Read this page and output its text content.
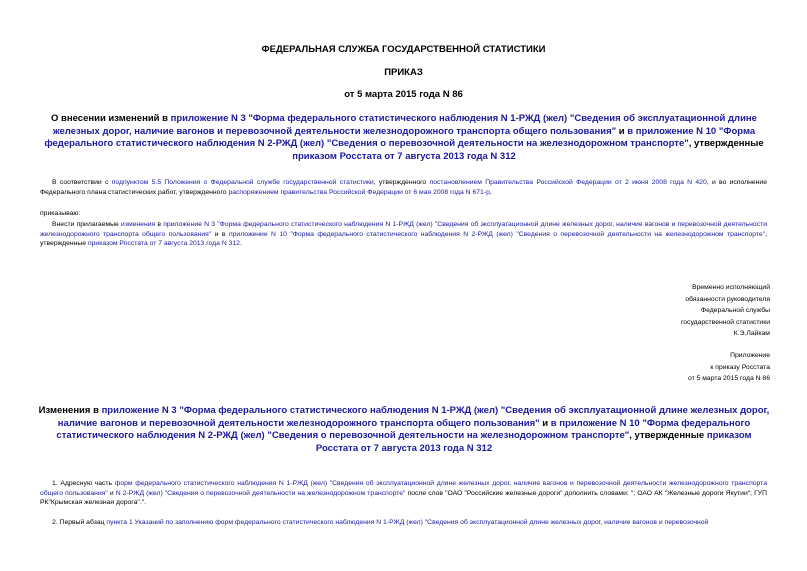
ФЕДЕРАЛЬНАЯ СЛУЖБА ГОСУДАРСТВЕННОЙ СТАТИСТИКИ
ПРИКАЗ
от 5 марта 2015 года N 86
О внесении изменений в приложение N 3 "Форма федерального статистического наблюдения N 1-РЖД (жел) "Сведения об эксплуатационной длине железных дорог, наличие вагонов и перевозочной деятельности железнодорожного транспорта общего пользования" и в приложение N 10 "Форма федерального статистического наблюдения N 2-РЖД (жел) "Сведения о перевозочной деятельности на железнодорожном транспорте", утвержденные приказом Росстата от 7 августа 2013 года N 312
В соответствии с подпунктом 5.5 Положения о Федеральной службе государственной статистики, утвержденного постановлением Правительства Российской Федерации от 2 июня 2008 года N 420, и во исполнение Федерального плана статистических работ, утвержденного распоряжением правительства Российской Федерации от 6 мая 2008 года N 671-р,
приказываю:
Внести прилагаемые изменения в приложение N 3 "Форма федерального статистического наблюдения N 1-РЖД (жел) "Сведения об эксплуатационной длине железных дорог, наличие вагонов и перевозочной деятельности железнодорожного транспорта общего пользования" и в приложение N 10 "Форма федерального статистического наблюдения N 2-РЖД (жел) "Сведения о перевозочной деятельности на железнодорожном транспорте", утвержденные приказом Росстата от 7 августа 2013 года N 312.
Временно исполняющий
обязанности руководителя
Федеральной службы
государственной статистики
К.Э.Лайкам
Приложение
к приказу Росстата
от 5 марта 2015 года N 86
Изменения в приложение N 3 "Форма федерального статистического наблюдения N 1-РЖД (жел) "Сведения об эксплуатационной длине железных дорог, наличие вагонов и перевозочной деятельности железнодорожного транспорта общего пользования" и в приложение N 10 "Форма федерального статистического наблюдения N 2-РЖД (жел) "Сведения о перевозочной деятельности на железнодорожном транспорте", утвержденные приказом Росстата от 7 августа 2013 года N 312
1. Адресную часть форм федерального статистического наблюдения N 1-РЖД (жел) "Сведения об эксплуатационной длине железных дорог, наличие вагонов и перевозочной деятельности железнодорожного транспорта общего пользования" и N 2-РЖД (жел) "Сведения о перевозочной деятельности на железнодорожном транспорте" после слов "ОАО "Российские железные дороги" дополнить словами: "; ОАО АК "Железные дороги Якутии"; ГУП РК"Крымская железная дорога".".
2. Первый абзац пункта 1 Указаний по заполнению форм федерального статистического наблюдения N 1-РЖД (жел) "Сведения об эксплуатационной длине железных дорог, наличие вагонов и перевозочной
